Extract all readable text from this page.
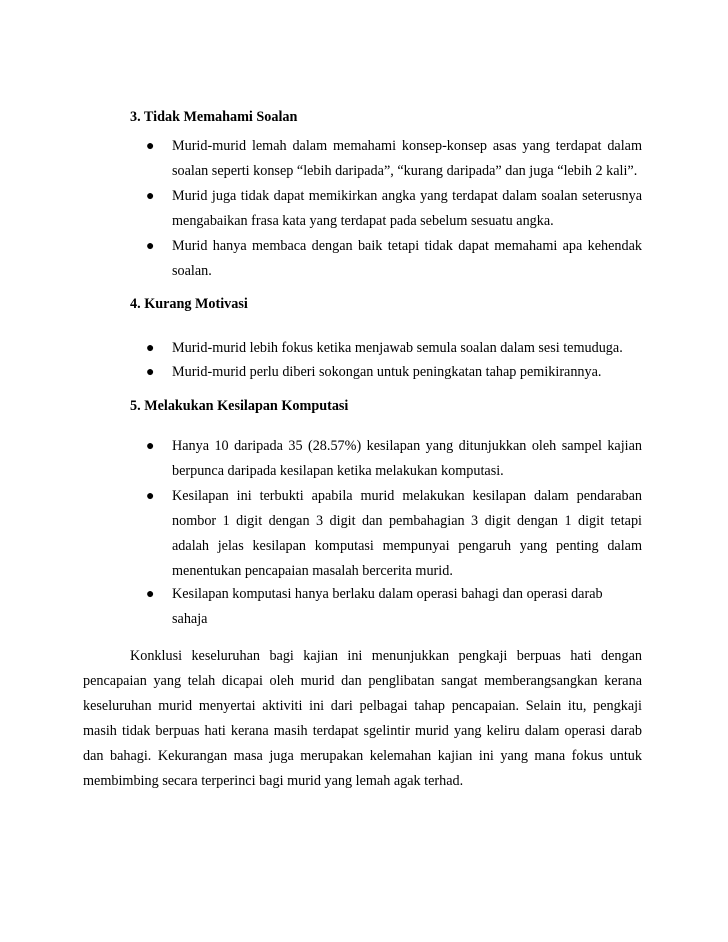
3. Tidak Memahami Soalan
● Murid-murid lemah dalam memahami konsep-konsep asas yang terdapat dalam
soalan seperti konsep “lebih daripada”, “kurang daripada” dan juga “lebih 2 kali”.
● Murid juga tidak dapat memikirkan angka yang terdapat dalam soalan seterusnya
mengabaikan frasa kata yang terdapat pada sebelum sesuatu angka.
● Murid hanya membaca dengan baik tetapi tidak dapat memahami apa kehendak
soalan.
4. Kurang Motivasi
● Murid-murid lebih fokus ketika menjawab semula soalan dalam sesi temuduga.
● Murid-murid perlu diberi sokongan untuk peningkatan tahap pemikirannya.
5. Melakukan Kesilapan Komputasi
● Hanya 10 daripada 35 (28.57%) kesilapan yang ditunjukkan oleh sampel kajian
berpunca daripada kesilapan ketika melakukan komputasi.
● Kesilapan ini terbukti apabila murid melakukan kesilapan dalam pendaraban
nombor 1 digit dengan 3 digit dan pembahagian 3 digit dengan 1 digit tetapi
adalah jelas kesilapan komputasi mempunyai pengaruh yang penting dalam
menentukan pencapaian masalah bercerita murid.
● Kesilapan komputasi hanya berlaku dalam operasi bahagi dan operasi darab
sahaja
Konklusi keseluruhan bagi kajian ini menunjukkan pengkaji berpuas hati dengan
pencapaian yang telah dicapai oleh murid dan penglibatan sangat memberangsangkan kerana
keseluruhan murid menyertai aktiviti ini dari pelbagai tahap pencapaian. Selain itu, pengkaji
masih tidak berpuas hati kerana masih terdapat sgelintir murid yang keliru dalam operasi darab
dan bahagi. Kekurangan masa juga merupakan kelemahan kajian ini yang mana fokus untuk
membimbing secara terperinci bagi murid yang lemah agak terhad.
